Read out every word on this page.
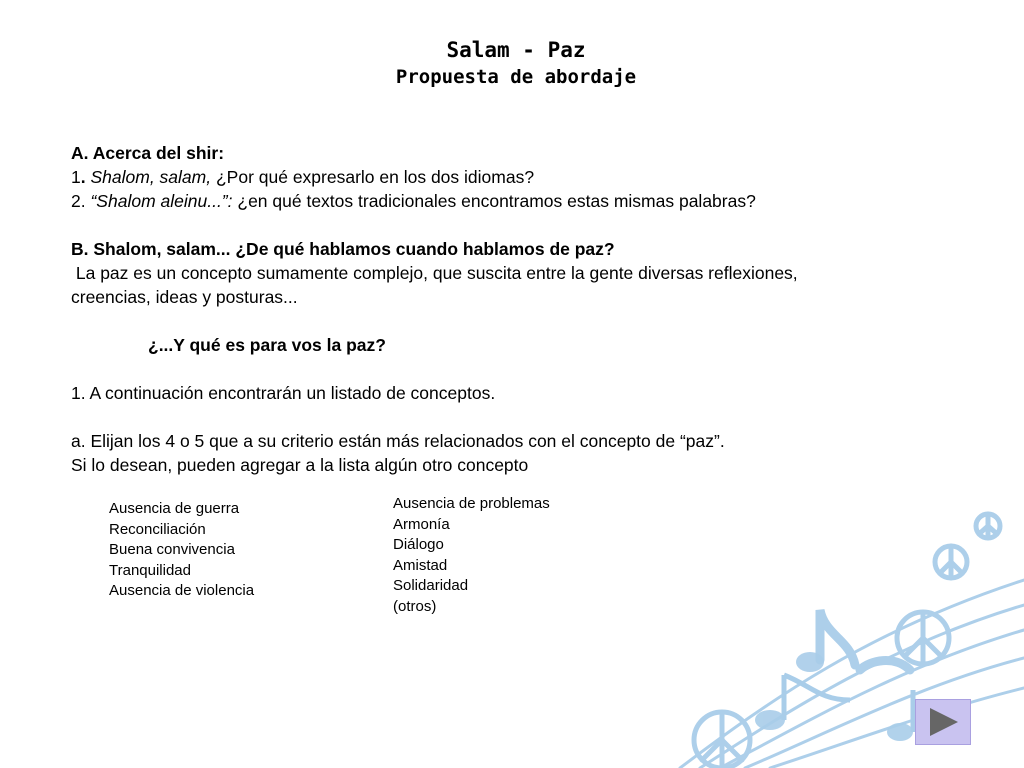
Salam - Paz
Propuesta de abordaje
A. Acerca del shir:
1. Shalom, salam, ¿Por qué expresarlo en los dos idiomas?
2. “Shalom aleinu...”: ¿en qué textos tradicionales encontramos estas mismas palabras?
B. Shalom, salam... ¿De qué hablamos cuando hablamos de paz?
La paz es un concepto sumamente complejo, que suscita entre la gente diversas reflexiones,
creencias, ideas y posturas...
¿...Y qué es para vos la paz?
1. A continuación encontrarán un listado de conceptos.
a. Elijan los 4 o 5 que a su criterio están más relacionados con el concepto de “paz”.
Si lo desean, pueden agregar a la lista algún otro concepto
Ausencia de guerra
Reconciliación
Buena convivencia
Tranquilidad
Ausencia de violencia
Ausencia de problemas
Armonía
Diálogo
Amistad
Solidaridad
(otros)
